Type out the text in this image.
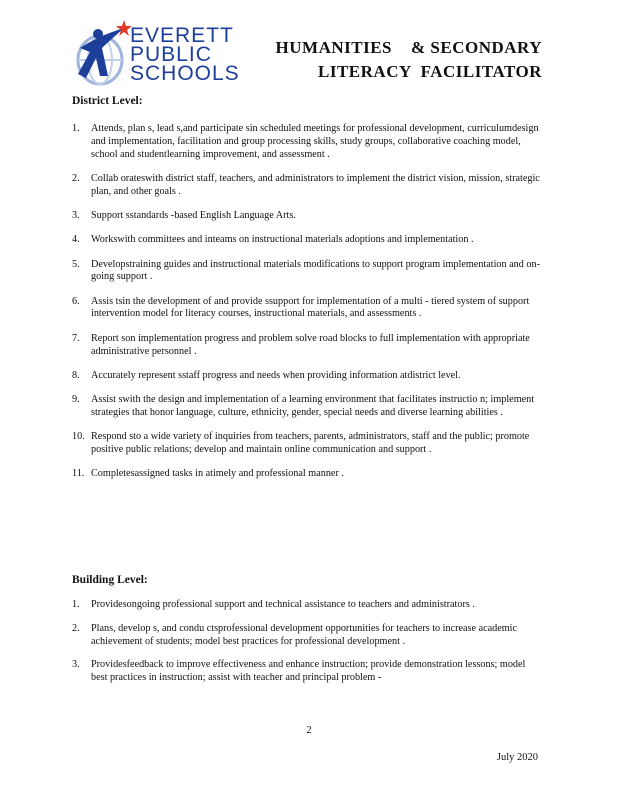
EVERETT
PUBLIC
SCHOOLS
HUMANITIES    & SECONDARY
LITERACY  FACILITATOR
District Level:
1. Attends, plan s, lead s,and participate sin scheduled meetings for professional development, curriculumdesign and implementation, facilitation and group processing skills, study groups, collaborative coaching model, school and studentlearning improvement, and assessment .
2. Collab orateswith district staff, teachers, and administrators to implement the district vision, mission, strategic plan, and other goals .
3. Support sstandards -based English Language Arts.
4. Workswith committees and inteams on instructional materials adoptions and implementation .
5. Developstraining guides and instructional materials modifications to support program implementation and on-going support .
6. Assis tsin the development of and provide ssupport for implementation of a multi - tiered system of support intervention model for literacy courses, instructional materials, and assessments .
7. Report son implementation progress and problem solve road blocks to full implementation with appropriate administrative personnel .
8. Accurately represent sstaff progress and needs when providing information atdistrict level.
9. Assist swith the design and implementation of a learning environment that facilitates instructio n; implement strategies that honor language, culture, ethnicity, gender, special needs and diverse learning abilities .
10. Respond sto a wide variety of inquiries from teachers, parents, administrators, staff and the public; promote positive public relations; develop and maintain online communication and support .
11. Completesassigned tasks in atimely and professional manner .
Building Level:
1. Providesongoing professional support and technical assistance to teachers and administrators .
2. Plans, develop s, and condu ctsprofessional development opportunities for teachers to increase academic achievement of students; model best practices for professional development .
3. Providesfeedback to improve effectiveness and enhance instruction; provide demonstration lessons; model best practices in instruction; assist with teacher and principal problem -
2
July 2020
